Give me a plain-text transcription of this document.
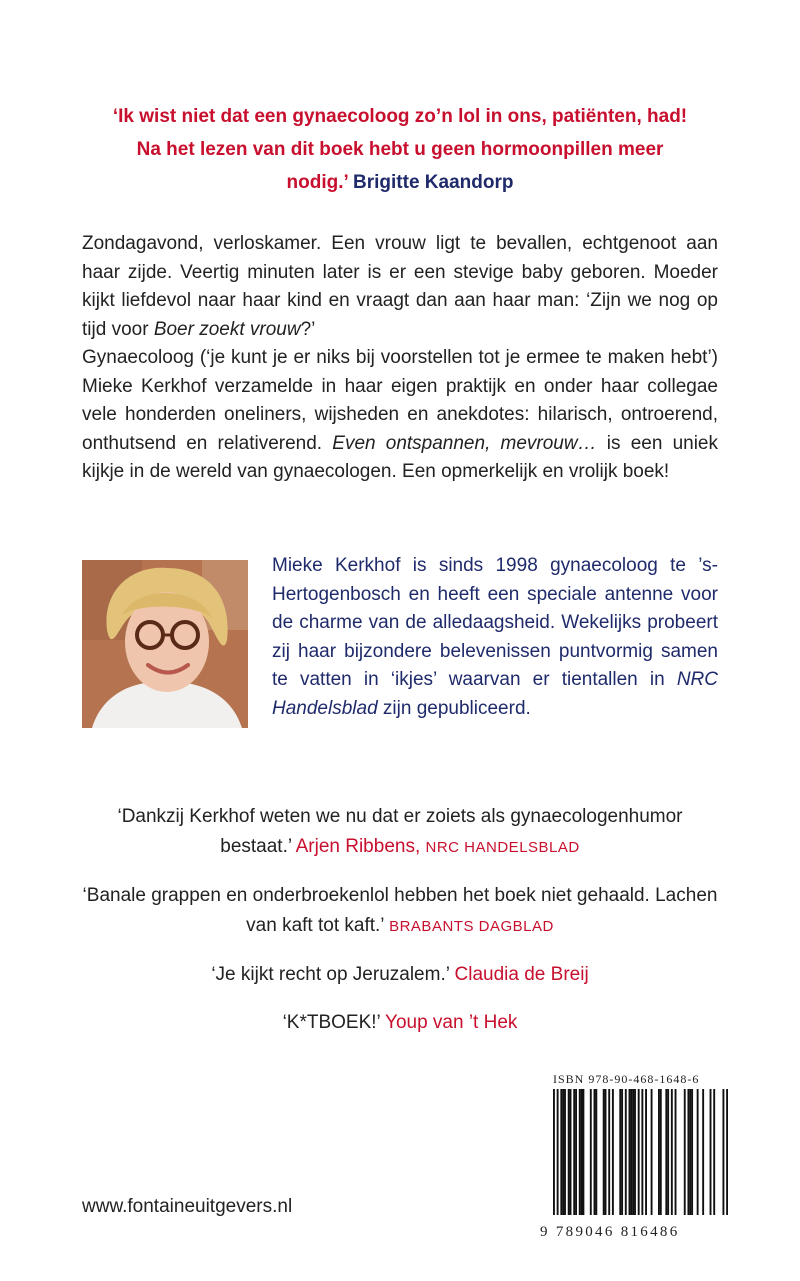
‘Ik wist niet dat een gynaecoloog zo’n lol in ons, patiënten, had! Na het lezen van dit boek hebt u geen hormoonpillen meer nodig.’ Brigitte Kaandorp

Zondagavond, verloskamer. Een vrouw ligt te bevallen, echtgenoot aan haar zijde. Veertig minuten later is er een stevige baby geboren. Moeder kijkt liefdevol naar haar kind en vraagt dan aan haar man: ‘Zijn we nog op tijd voor Boer zoekt vrouw?’

Gynaecoloog (‘je kunt je er niks bij voorstellen tot je ermee te maken hebt’) Mieke Kerkhof verzamelde in haar eigen praktijk en onder haar collegae vele honderden oneliners, wijsheden en anekdotes: hilarisch, ontroerend, onthutsend en relativerend. Even ontspannen, mevrouw… is een uniek kijkje in de wereld van gynaecologen. Een opmerkelijk en vrolijk boek!

Mieke Kerkhof is sinds 1998 gynaecoloog te ’s-Hertogenbosch en heeft een speciale antenne voor de charme van de alledaagsheid. Wekelijks probeert zij haar bijzondere belevenissen puntvormig samen te vatten in ‘ikjes’ waarvan er tientallen in NRC Handelsblad zijn gepubliceerd.

‘Dankzij Kerkhof weten we nu dat er zoiets als gynaecologenhumor bestaat.’ Arjen Ribbens, NRC HANDELSBLAD

‘Banale grappen en onderbroekenlol hebben het boek niet gehaald. Lachen van kaft tot kaft.’ BRABANTS DAGBLAD

‘Je kijkt recht op Jeruzalem.’ Claudia de Breij

‘K*TBOEK!’ Youp van ’t Hek

ISBN 978-90-468-1648-6
9 789046 816486
www.fontaineuitgevers.nl
